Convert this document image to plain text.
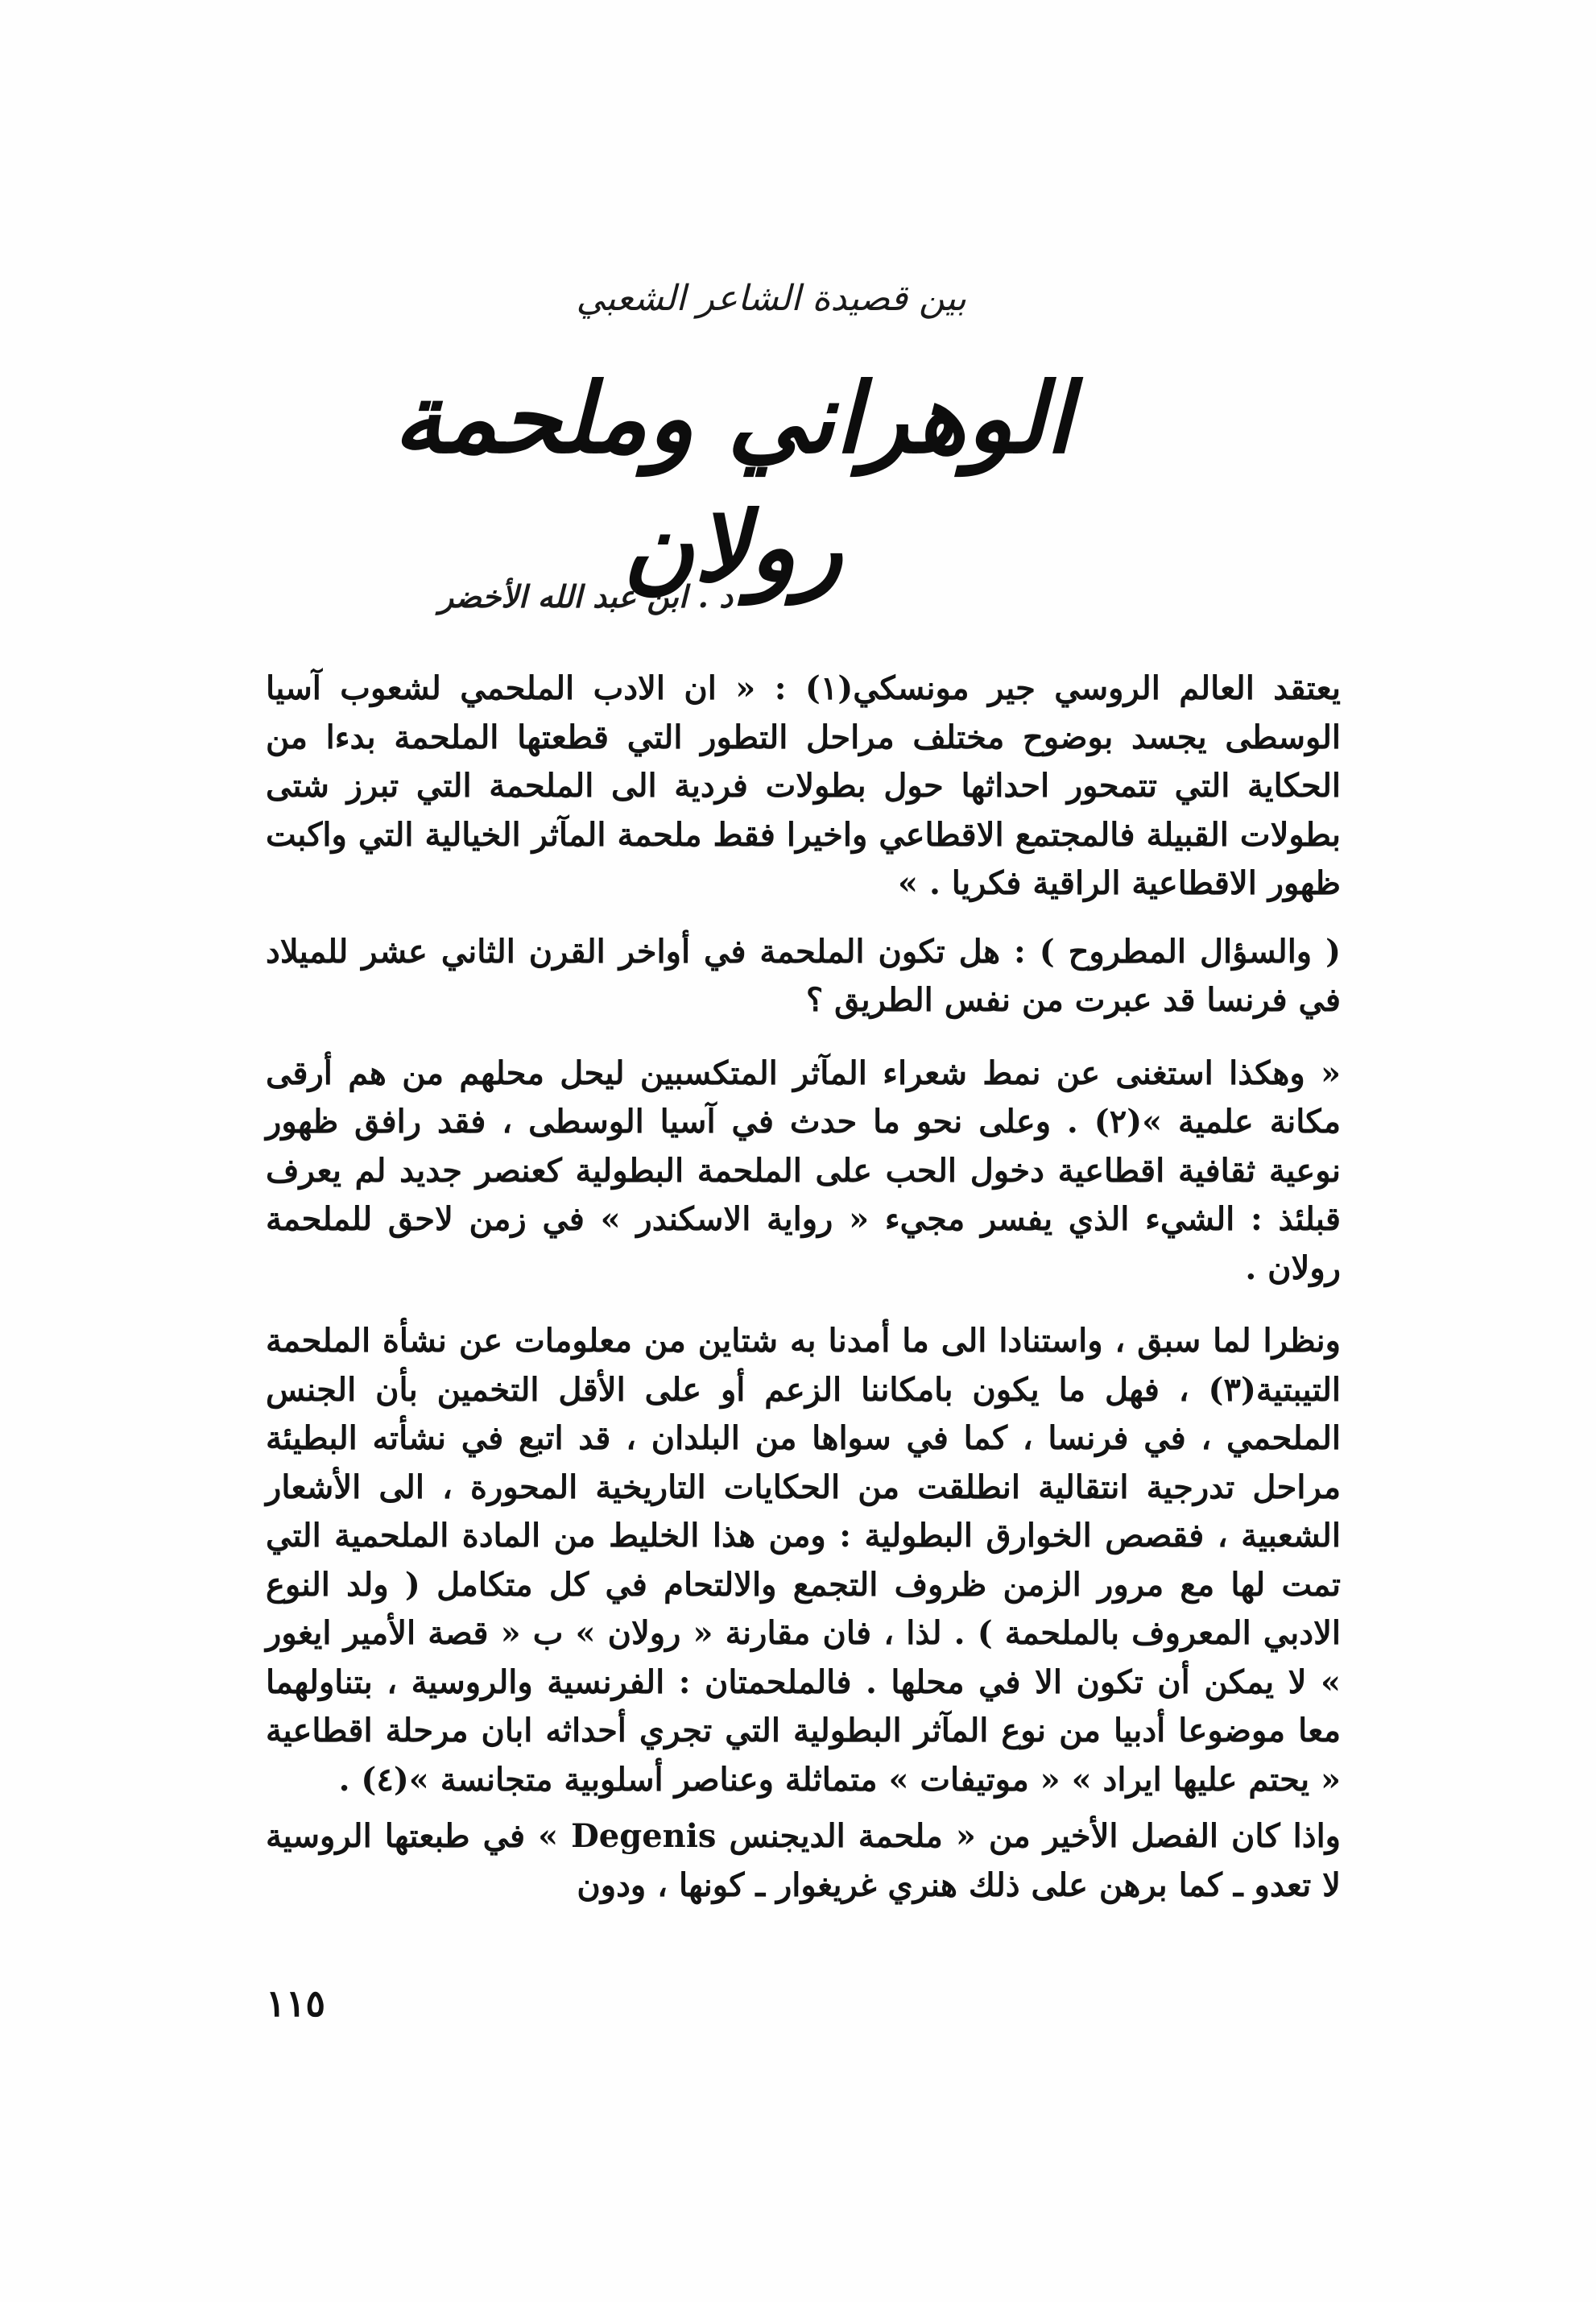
بين قصيدة الشاعر الشعبي
الوهراني وملحمة رولان
د . ابن عبد الله الأخضر

يعتقد العالم الروسي جير مونسكي(١) : « ان الادب الملحمي لشعوب آسيا الوسطى يجسد بوضوح مختلف مراحل التطور التي قطعتها الملحمة بدءا من الحكاية التي تتمحور احداثها حول بطولات فردية الى الملحمة التي تبرز شتى بطولات القبيلة فالمجتمع الاقطاعي واخيرا فقط ملحمة المآثر الخيالية التي واكبت ظهور الاقطاعية الراقية فكريا . »

( والسؤال المطروح ) : هل تكون الملحمة في أواخر القرن الثاني عشر للميلاد في فرنسا قد عبرت من نفس الطريق ؟

« وهكذا استغنى عن نمط شعراء المآثر المتكسبين ليحل محلهم من هم أرقى مكانة علمية »(٢) . وعلى نحو ما حدث في آسيا الوسطى ، فقد رافق ظهور نوعية ثقافية اقطاعية دخول الحب على الملحمة البطولية كعنصر جديد لم يعرف قبلئذ : الشيء الذي يفسر مجيء « رواية الاسكندر » في زمن لاحق للملحمة رولان .

ونظرا لما سبق ، واستنادا الى ما أمدنا به شتاين من معلومات عن نشأة الملحمة التيبتية(٣) ، فهل ما يكون بامكاننا الزعم أو على الأقل التخمين بأن الجنس الملحمي ، في فرنسا ، كما في سواها من البلدان ، قد اتبع في نشأته البطيئة مراحل تدرجية انتقالية انطلقت من الحكايات التاريخية المحورة ، الى الأشعار الشعبية ، فقصص الخوارق البطولية : ومن هذا الخليط من المادة الملحمية التي تمت لها مع مرور الزمن ظروف التجمع والالتحام في كل متكامل ( ولد النوع الادبي المعروف بالملحمة ) . لذا ، فان مقارنة « رولان » ب « قصة الأمير ايغور » لا يمكن أن تكون الا في محلها . فالملحمتان : الفرنسية والروسية ، بتناولهما معا موضوعا أدبيا من نوع المآثر البطولية التي تجري أحداثه ابان مرحلة اقطاعية « يحتم عليها ايراد » « موتيفات » متماثلة وعناصر أسلوبية متجانسة »(٤) .

واذا كان الفصل الأخير من « ملحمة الديجنس Degenis » في طبعتها الروسية لا تعدو ـ كما برهن على ذلك هنري غريغوار ـ كونها ، ودون

١١٥
